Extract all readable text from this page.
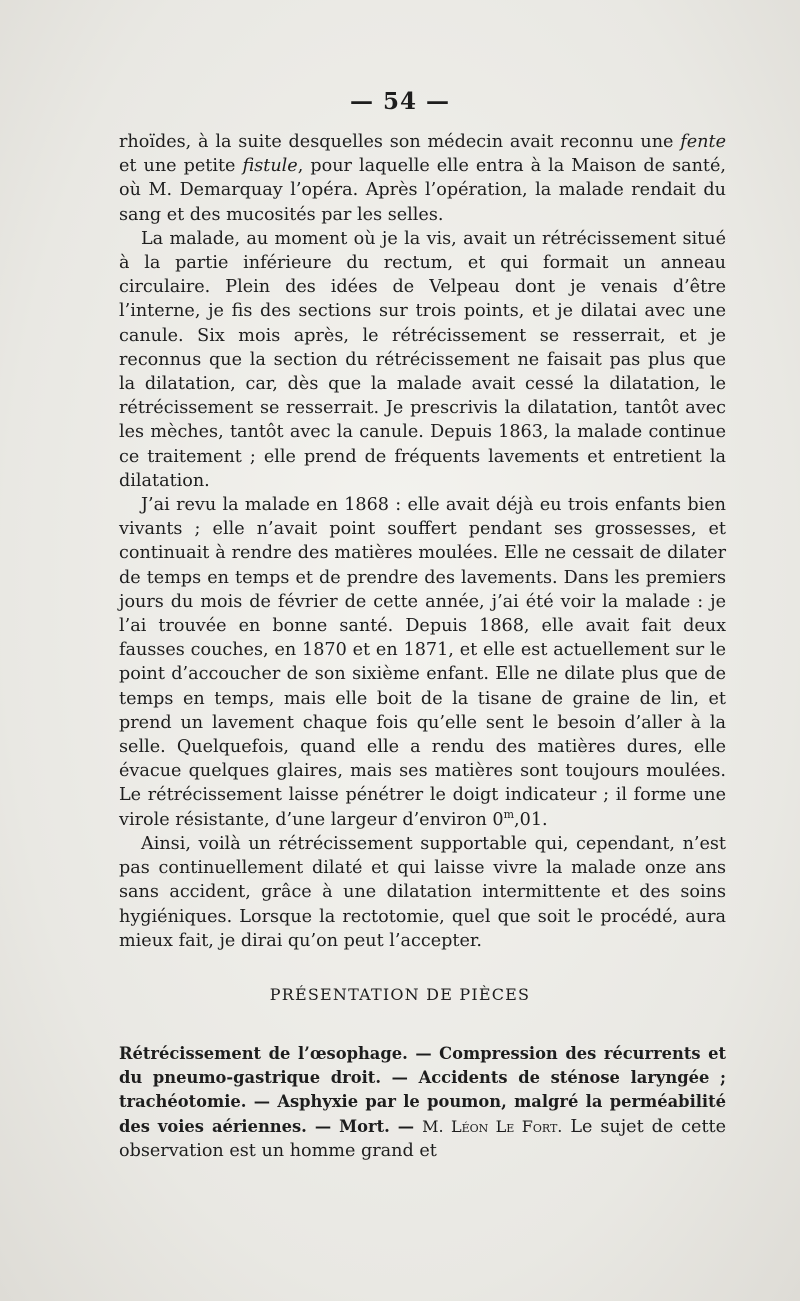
— 54 —

rhoïdes, à la suite desquelles son médecin avait reconnu une fente et une petite fistule, pour laquelle elle entra à la Maison de santé, où M. Demarquay l’opéra. Après l’opération, la malade rendait du sang et des mucosités par les selles.

La malade, au moment où je la vis, avait un rétrécissement situé à la partie inférieure du rectum, et qui formait un anneau circulaire. Plein des idées de Velpeau dont je venais d’être l’interne, je fis des sections sur trois points, et je dilatai avec une canule. Six mois après, le rétrécissement se resserrait, et je reconnus que la section du rétrécissement ne faisait pas plus que la dilatation, car, dès que la malade avait cessé la dilatation, le rétrécissement se resserrait. Je prescrivis la dilatation, tantôt avec les mèches, tantôt avec la canule. Depuis 1863, la malade continue ce traitement ; elle prend de fréquents lavements et entretient la dilatation.

J’ai revu la malade en 1868 : elle avait déjà eu trois enfants bien vivants ; elle n’avait point souffert pendant ses grossesses, et continuait à rendre des matières moulées. Elle ne cessait de dilater de temps en temps et de prendre des lavements. Dans les premiers jours du mois de février de cette année, j’ai été voir la malade : je l’ai trouvée en bonne santé. Depuis 1868, elle avait fait deux fausses couches, en 1870 et en 1871, et elle est actuellement sur le point d’accoucher de son sixième enfant. Elle ne dilate plus que de temps en temps, mais elle boit de la tisane de graine de lin, et prend un lavement chaque fois qu’elle sent le besoin d’aller à la selle. Quelquefois, quand elle a rendu des matières dures, elle évacue quelques glaires, mais ses matières sont toujours moulées. Le rétrécissement laisse pénétrer le doigt indicateur ; il forme une virole résistante, d’une largeur d’environ 0$^m$,01.

Ainsi, voilà un rétrécissement supportable qui, cependant, n’est pas continuellement dilaté et qui laisse vivre la malade onze ans sans accident, grâce à une dilatation intermittente et des soins hygiéniques. Lorsque la rectotomie, quel que soit le procédé, aura mieux fait, je dirai qu’on peut l’accepter.

PRÉSENTATION DE PIÈCES
Rétrécissement de l’œsophage. — Compression des récurrents et du pneumo-gastrique droit. — Accidents de sténose laryngée ; trachéotomie. — Asphyxie par le poumon, malgré la perméabilité des voies aériennes. — Mort. — M. Léon Le Fort. Le sujet de cette observation est un homme grand et
